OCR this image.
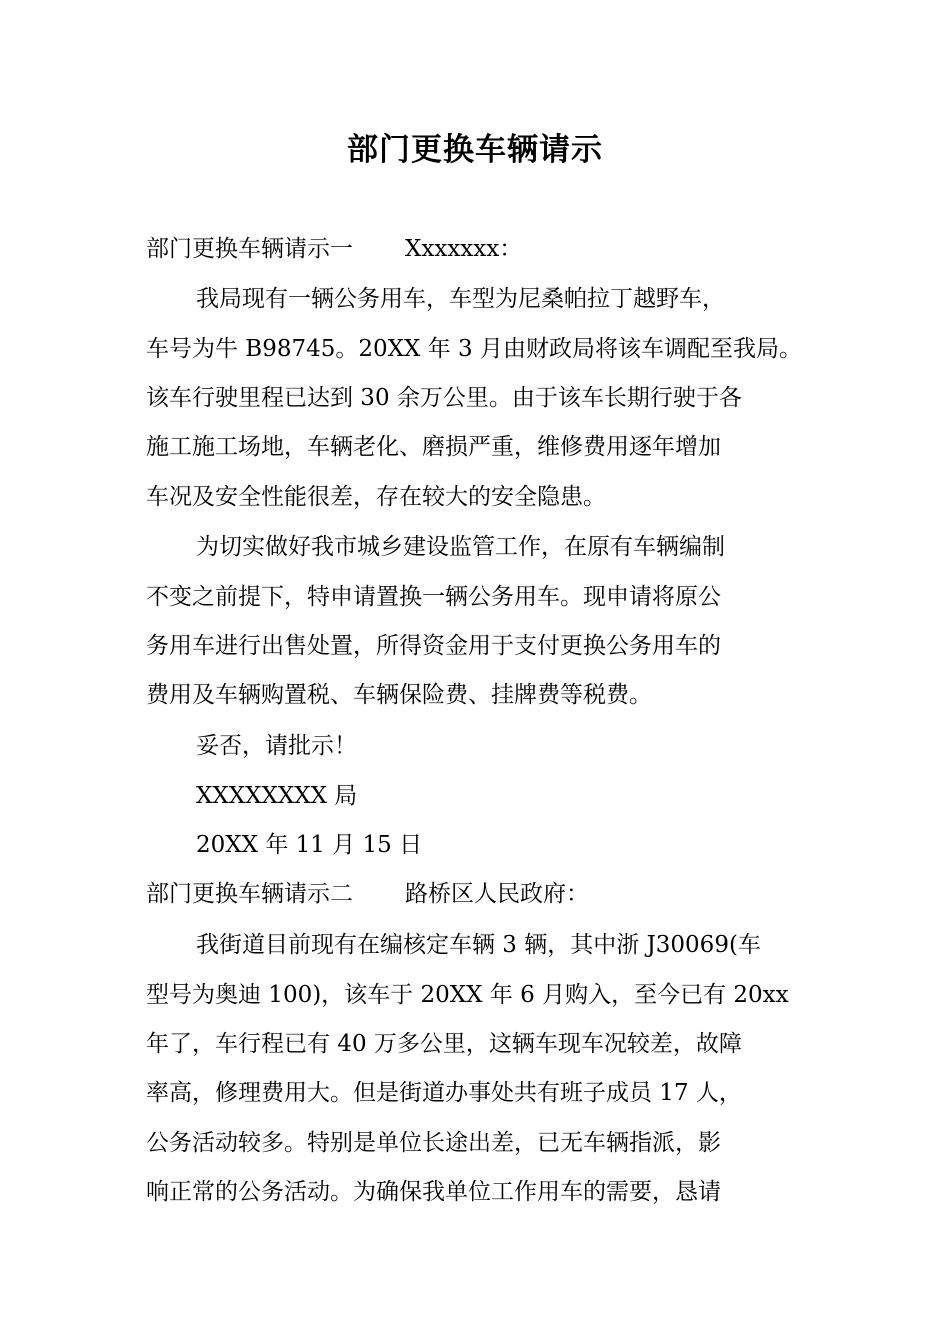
部门更换车辆请示
部门更换车辆请示一 Xxxxxxx：
我局现有一辆公务用车，车型为尼桑帕拉丁越野车，
车号为牛 B98745。20XX 年 3 月由财政局将该车调配至我局。
该车行驶里程已达到 30 余万公里。由于该车长期行驶于各
施工施工场地，车辆老化、磨损严重，维修费用逐年增加
车况及安全性能很差，存在较大的安全隐患。
为切实做好我市城乡建设监管工作，在原有车辆编制
不变之前提下，特申请置换一辆公务用车。现申请将原公
务用车进行出售处置，所得资金用于支付更换公务用车的
费用及车辆购置税、车辆保险费、挂牌费等税费。
妥否，请批示！
XXXXXXXX 局
20XX 年 11 月 15 日
部门更换车辆请示二 路桥区人民政府：
我街道目前现有在编核定车辆 3 辆，其中浙 J30069(车
型号为奥迪 100)，该车于 20XX 年 6 月购入，至今已有 20xx
年了，车行程已有 40 万多公里，这辆车现车况较差，故障
率高，修理费用大。但是街道办事处共有班子成员 17 人，
公务活动较多。特别是单位长途出差，已无车辆指派，影
响正常的公务活动。为确保我单位工作用车的需要，恳请
